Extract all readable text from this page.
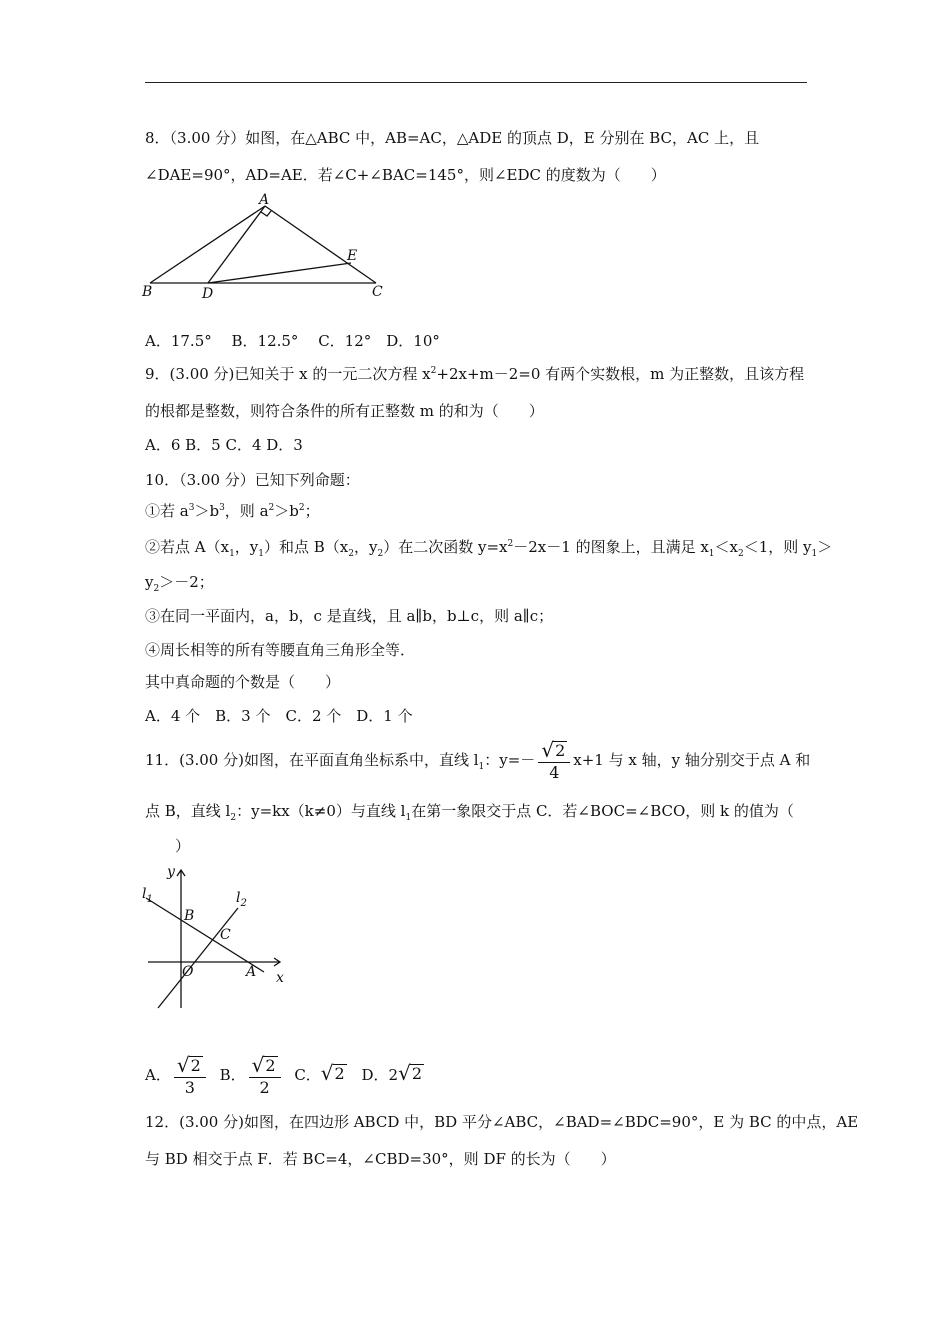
8．（3.00 分）如图，在△ABC 中，AB=AC，△ADE 的顶点 D，E 分别在 BC，AC 上，且
∠DAE=90°，AD=AE．若∠C+∠BAC=145°，则∠EDC 的度数为（　　）
A
B	D
E
C
A．17.5°　 B．12.5°　 C．12°　D．10°
9．(3.00 分)已知关于 x 的一元二次方程 $x^2+2x+m-2=0$ 有两个实数根，m 为正整数，且该方程
的根都是整数，则符合条件的所有正整数 m 的和为（　　）
A．6 B．5 C．4 D．3
10．（3.00 分）已知下列命题：
①若 $a^3>b^3$，则 $a^2>b^2$；
②若点 $A(x_1$，$y_1$）和点 $B(x_2$，$y_2$）在二次函数 $y=x^2-2x-1$ 的图象上，且满足 $x_1<x_2<1$，则 $y_1>$
$y_2>-2$；
③在同一平面内，a，b，c 是直线，且 a∥b，b⊥c，则 a∥c；
④周长相等的所有等腰直角三角形全等．
其中真命题的个数是（　　）
A．4 个　B．3 个　C．2 个　D．1 个
11．(3.00 分)如图，在平面直角坐标系中，直线 $l_1$：$y=- \frac{√ 2}{4} x+1$ 与 x 轴，y 轴分别交于点 A 和
点 B，直线 $l_2$：y=kx（k≠0）与直线 $l_1$在第一象限交于点 C．若∠BOC=∠BCO，则 k 的值为（
　　）
y
x
$l_1$	$l_2$
B
C
O	A
A． $\frac{√ 2}{3}$ B． $\frac{√ 2}{2}$ C． √ 2 D．2 √ 2
12．(3.00 分)如图，在四边形 ABCD 中，BD 平分∠ABC，∠BAD=∠BDC=90°，E 为 BC 的中点，AE
与 BD 相交于点 F．若 BC=4，∠CBD=30°，则 DF 的长为（　　）
